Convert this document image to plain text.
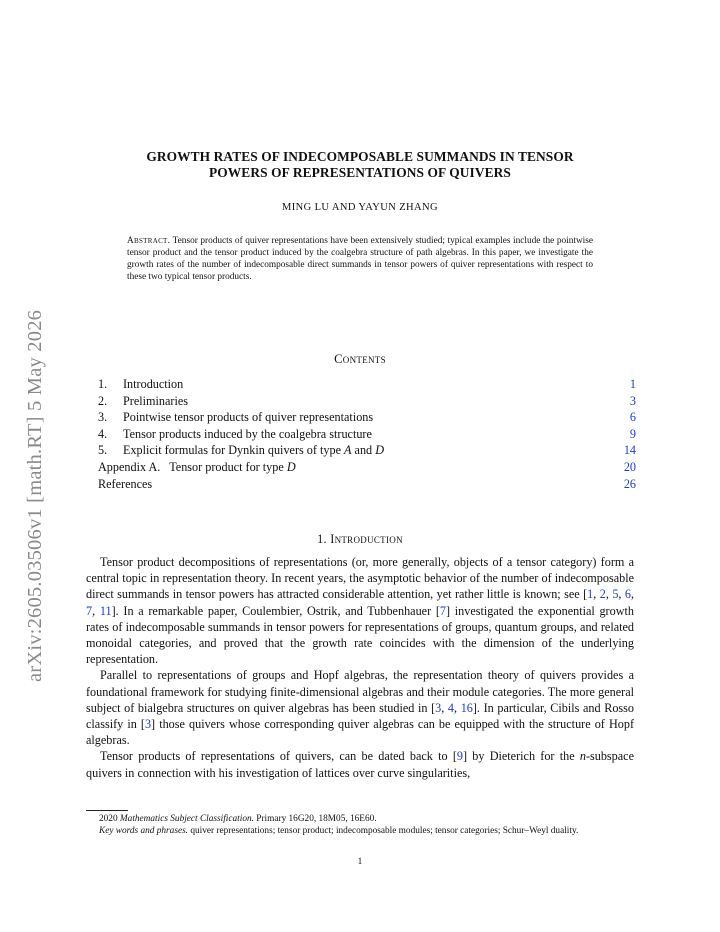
arXiv:2605.03506v1 [math.RT] 5 May 2026
GROWTH RATES OF INDECOMPOSABLE SUMMANDS IN TENSOR
POWERS OF REPRESENTATIONS OF QUIVERS
MING LU AND YAYUN ZHANG
Abstract. Tensor products of quiver representations have been extensively studied; typical examples include the pointwise tensor product and the tensor product induced by the coalgebra structure of path algebras. In this paper, we investigate the growth rates of the number of indecomposable direct summands in tensor powers of quiver representations with respect to these two typical tensor products.
Contents
1.	Introduction	1
2.	Preliminaries	3
3.	Pointwise tensor products of quiver representations	6
4.	Tensor products induced by the coalgebra structure	9
5.	Explicit formulas for Dynkin quivers of type A and D	14
Appendix A.   Tensor product for type D	20
References	26
1. Introduction

Tensor product decompositions of representations (or, more generally, objects of a tensor category) form a central topic in representation theory. In recent years, the asymptotic behavior of the number of indecomposable direct summands in tensor powers has attracted considerable attention, yet rather little is known; see [1, 2, 5, 6, 7, 11]. In a remarkable paper, Coulembier, Ostrik, and Tubbenhauer [7] investigated the exponential growth rates of indecomposable summands in tensor powers for representations of groups, quantum groups, and related monoidal categories, and proved that the growth rate coincides with the dimension of the underlying representation.

Parallel to representations of groups and Hopf algebras, the representation theory of quivers provides a foundational framework for studying finite-dimensional algebras and their module categories. The more general subject of bialgebra structures on quiver algebras has been studied in [3, 4, 16]. In particular, Cibils and Rosso classify in [3] those quivers whose corresponding quiver algebras can be equipped with the structure of Hopf algebras.

Tensor products of representations of quivers, can be dated back to [9] by Dieterich for the n-subspace quivers in connection with his investigation of lattices over curve singularities,

2020 Mathematics Subject Classification. Primary 16G20, 18M05, 16E60.

Key words and phrases. quiver representations; tensor product; indecomposable modules; tensor categories; Schur–Weyl duality.

1
